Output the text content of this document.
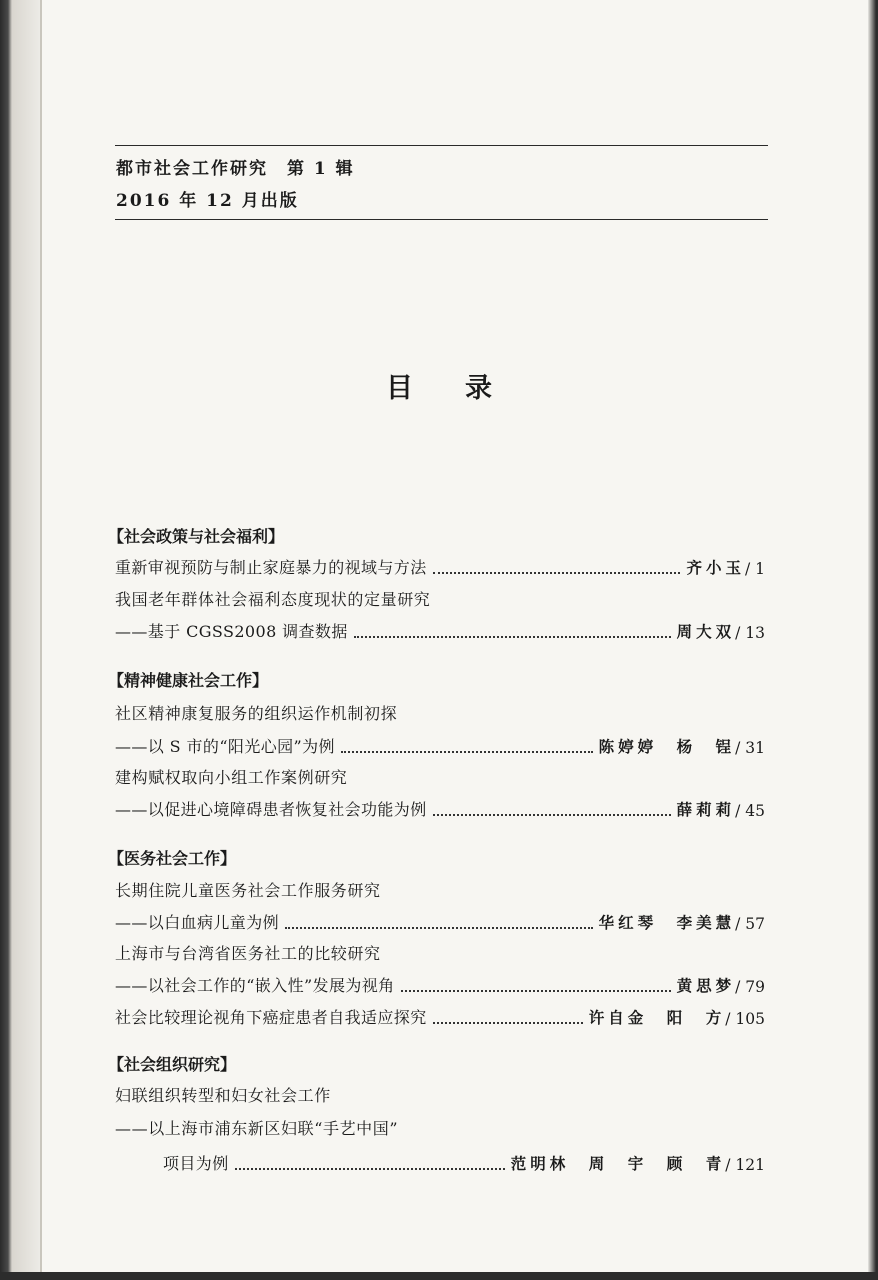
都市社会工作研究　第 1 辑
2016 年 12 月出版
目录
【社会政策与社会福利】
重新审视预防与制止家庭暴力的视域与方法	齐小玉 / 1
我国老年群体社会福利态度现状的定量研究
——基于 CGSS2008 调查数据	周大双 / 13
【精神健康社会工作】
社区精神康复服务的组织运作机制初探
——以 S 市的“阳光心园”为例	陈婷婷　杨　锃 / 31
建构赋权取向小组工作案例研究
——以促进心境障碍患者恢复社会功能为例	薛莉莉 / 45
【医务社会工作】
长期住院儿童医务社会工作服务研究
——以白血病儿童为例	华红琴　李美慧 / 57
上海市与台湾省医务社工的比较研究
——以社会工作的“嵌入性”发展为视角	黄思梦 / 79
社会比较理论视角下癌症患者自我适应探究	许自金　阳　方 / 105
【社会组织研究】
妇联组织转型和妇女社会工作
——以上海市浦东新区妇联“手艺中国”
项目为例	范明林　周　宇　顾　青 / 121
